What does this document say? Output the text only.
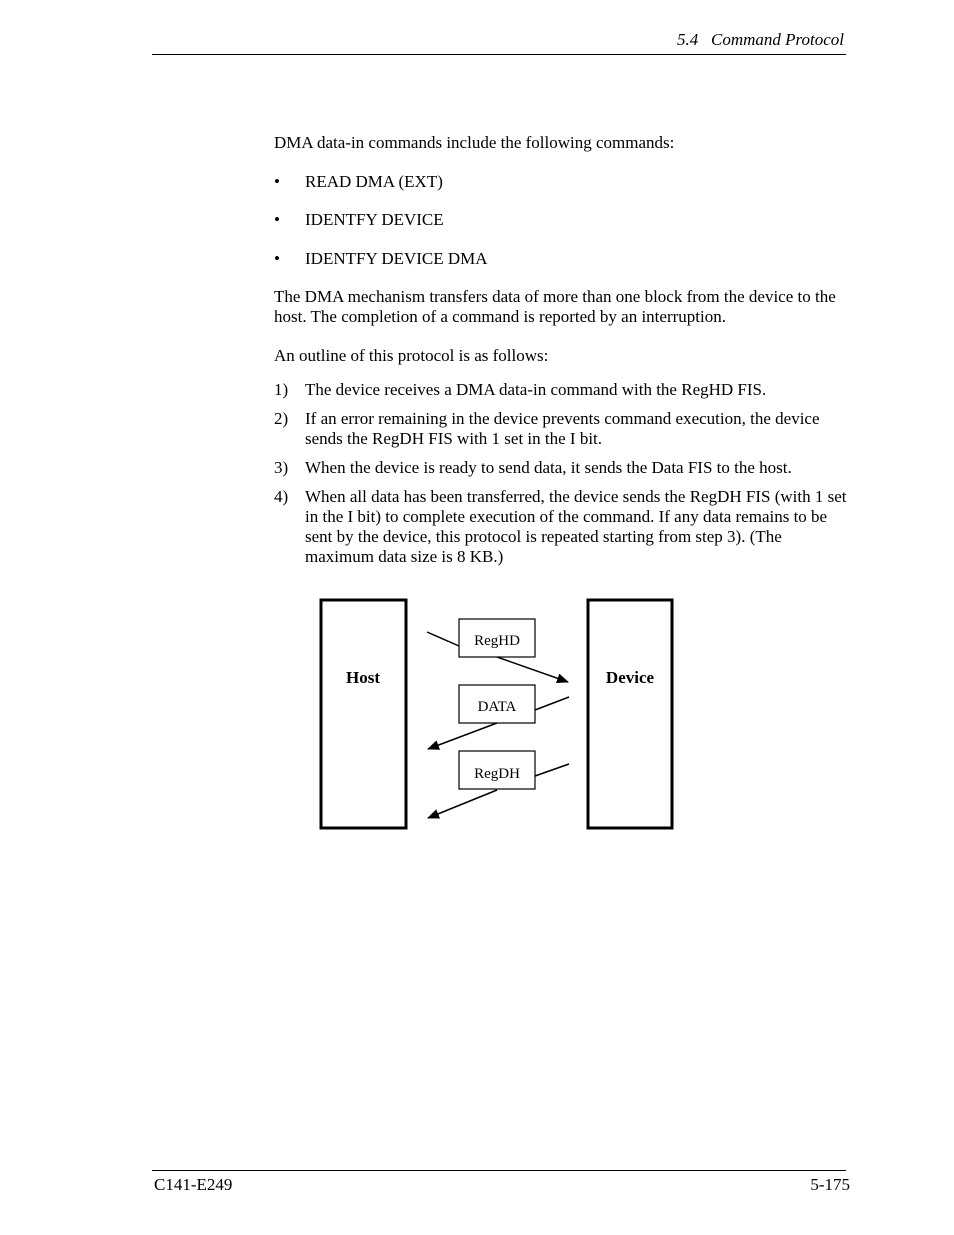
5.4   Command Protocol

DMA data-in commands include the following commands:

• READ DMA (EXT)
• IDENTFY DEVICE
• IDENTFY DEVICE DMA

The DMA mechanism transfers data of more than one block from the device to the host. The completion of a command is reported by an interruption.

An outline of this protocol is as follows:

1) The device receives a DMA data-in command with the RegHD FIS.
2) If an error remaining in the device prevents command execution, the device sends the RegDH FIS with 1 set in the I bit.
3) When the device is ready to send data, it sends the Data FIS to the host.
4) When all data has been transferred, the device sends the RegDH FIS (with 1 set in the I bit) to complete execution of the command. If any data remains to be sent by the device, this protocol is repeated starting from step 3). (The maximum data size is 8 KB.)
Host	Device
RegHD
DATA
RegDH
C141-E249	5-175
